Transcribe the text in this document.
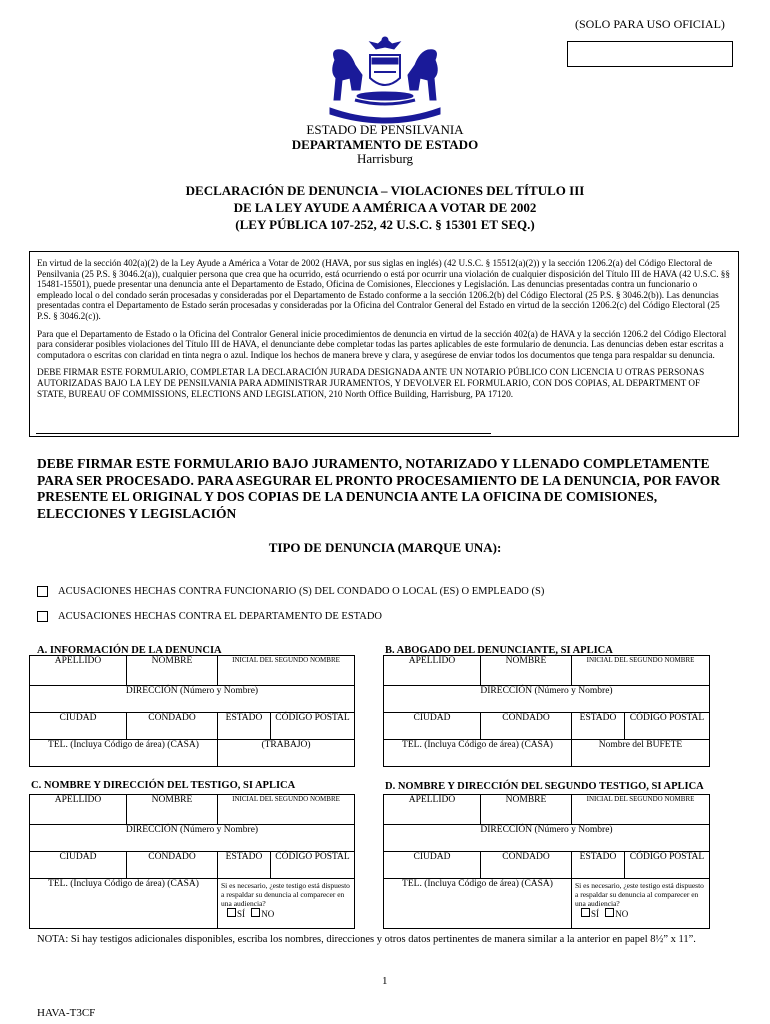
(SOLO PARA USO OFICIAL)
ESTADO DE PENSILVANIA
DEPARTAMENTO DE ESTADO
Harrisburg
DECLARACIÓN DE DENUNCIA – VIOLACIONES DEL TÍTULO III
DE LA LEY AYUDE A AMÉRICA A VOTAR DE 2002
(LEY PÚBLICA 107-252, 42 U.S.C. § 15301 ET SEQ.)

En virtud de la sección 402(a)(2) de la Ley Ayude a América a Votar de 2002 (HAVA, por sus siglas en inglés) (42 U.S.C. § 15512(a)(2)) y la sección 1206.2(a) del Código Electoral de Pensilvania (25 P.S. § 3046.2(a)), cualquier persona que crea que ha ocurrido, está ocurriendo o está por ocurrir una violación de cualquier disposición del Título III de HAVA (42 U.S.C. §§ 15481-15501), puede presentar una denuncia ante el Departamento de Estado, Oficina de Comisiones, Elecciones y Legislación. Las denuncias presentadas contra un funcionario o empleado local o del condado serán procesadas y consideradas por el Departamento de Estado conforme a la sección 1206.2(b) del Código Electoral (25 P.S. § 3046.2(b)). Las denuncias presentadas contra el Departamento de Estado serán procesadas y consideradas por la Oficina del Contralor General del Estado en virtud de la sección 1206.2(c) del Código Electoral (25 P.S. § 3046.2(c)).

Para que el Departamento de Estado o la Oficina del Contralor General inicie procedimientos de denuncia en virtud de la sección 402(a) de HAVA y la sección 1206.2 del Código Electoral para considerar posibles violaciones del Título III de HAVA, el denunciante debe completar todas las partes aplicables de este formulario de denuncia. Las denuncias deben estar escritas a computadora o escritas con claridad en tinta negra o azul. Indique los hechos de manera breve y clara, y asegúrese de enviar todos los documentos que tenga para respaldar su denuncia.

DEBE FIRMAR ESTE FORMULARIO, COMPLETAR LA DECLARACIÓN JURADA DESIGNADA ANTE UN NOTARIO PÚBLICO CON LICENCIA U OTRAS PERSONAS AUTORIZADAS BAJO LA LEY DE PENSILVANIA PARA ADMINISTRAR JURAMENTOS, Y DEVOLVER EL FORMULARIO, CON DOS COPIAS, AL DEPARTMENT OF STATE, BUREAU OF COMMISSIONS, ELECTIONS AND LEGISLATION, 210 North Office Building, Harrisburg, PA 17120.

DEBE FIRMAR ESTE FORMULARIO BAJO JURAMENTO, NOTARIZADO Y LLENADO COMPLETAMENTE PARA SER PROCESADO. PARA ASEGURAR EL PRONTO PROCESAMIENTO DE LA DENUNCIA, POR FAVOR PRESENTE EL ORIGINAL Y DOS COPIAS DE LA DENUNCIA ANTE LA OFICINA DE COMISIONES, ELECCIONES Y LEGISLACIÓN
TIPO DE DENUNCIA (MARQUE UNA):
ACUSACIONES HECHAS CONTRA FUNCIONARIO (S) DEL CONDADO O LOCAL (ES) O EMPLEADO (S)
ACUSACIONES HECHAS CONTRA EL DEPARTAMENTO DE ESTADO
A. INFORMACIÓN DE LA DENUNCIA
APELLIDO	NOMBRE	INICIAL DEL SEGUNDO NOMBRE	
DIRECCIÓN (Número y Nombre)			
CIUDAD	CONDADO	ESTADO	CÓDIGO POSTAL
TEL. (Incluya Código de área) (CASA)		(TRABAJO)	
B. ABOGADO DEL DENUNCIANTE, SI APLICA
APELLIDO	NOMBRE	INICIAL DEL SEGUNDO NOMBRE	
DIRECCIÓN (Número y Nombre)			
CIUDAD	CONDADO	ESTADO	CÓDIGO POSTAL
TEL. (Incluya Código de área) (CASA)		Nombre del BUFETE	
C. NOMBRE Y DIRECCIÓN DEL TESTIGO, SI APLICA
APELLIDO	NOMBRE	INICIAL DEL SEGUNDO NOMBRE	
DIRECCIÓN (Número y Nombre)			
CIUDAD	CONDADO	ESTADO	CÓDIGO POSTAL
TEL. (Incluya Código de área) (CASA)		Si es necesario, ¿este testigo está dispuesto a respaldar su denuncia al comparecer en una audiencia?
SÍ NO	
D. NOMBRE Y DIRECCIÓN DEL SEGUNDO TESTIGO, SI APLICA
APELLIDO	NOMBRE	INICIAL DEL SEGUNDO NOMBRE	
DIRECCIÓN (Número y Nombre)			
CIUDAD	CONDADO	ESTADO	CÓDIGO POSTAL
TEL. (Incluya Código de área) (CASA)		Si es necesario, ¿este testigo está dispuesto a respaldar su denuncia al comparecer en una audiencia?
SÍ NO	
NOTA: Si hay testigos adicionales disponibles, escriba los nombres, direcciones y otros datos pertinentes de manera similar a la anterior en papel 8½” x 11”.
1
HAVA-T3CF
